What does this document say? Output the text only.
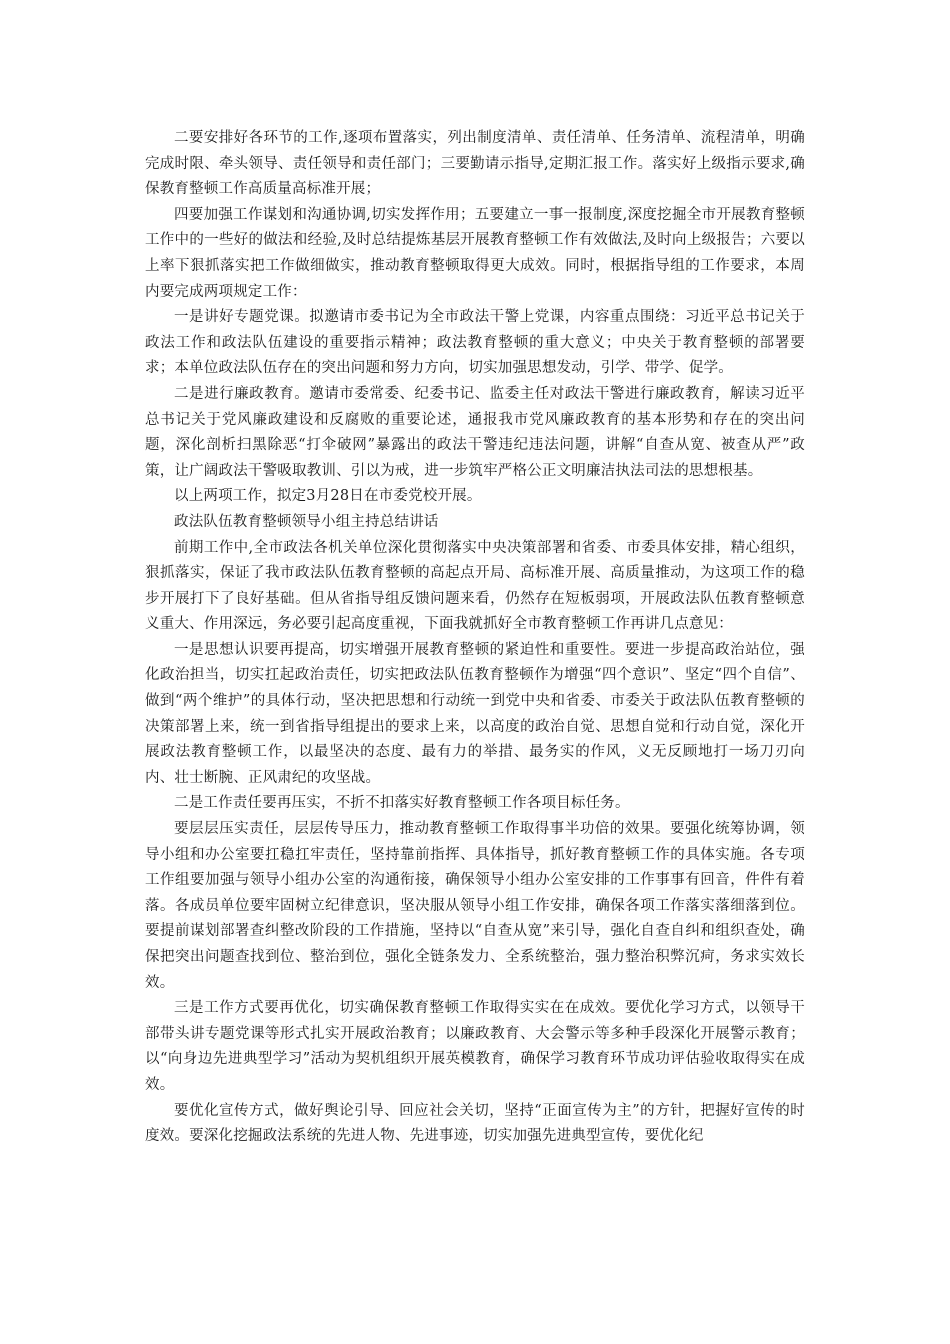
二要安排好各环节的工作,逐项布置落实，列出制度清单、责任清单、任务清单、流程清单，明确完成时限、牵头领导、责任领导和责任部门；三要勤请示指导,定期汇报工作。落实好上级指示要求,确保教育整顿工作高质量高标准开展；

四要加强工作谋划和沟通协调,切实发挥作用；五要建立一事一报制度,深度挖掘全市开展教育整顿工作中的一些好的做法和经验,及时总结提炼基层开展教育整顿工作有效做法,及时向上级报告；六要以上率下狠抓落实把工作做细做实，推动教育整顿取得更大成效。同时，根据指导组的工作要求，本周内要完成两项规定工作：

一是讲好专题党课。拟邀请市委书记为全市政法干警上党课，内容重点围绕：习近平总书记关于政法工作和政法队伍建设的重要指示精神；政法教育整顿的重大意义；中央关于教育整顿的部署要求；本单位政法队伍存在的突出问题和努力方向，切实加强思想发动，引学、带学、促学。

二是进行廉政教育。邀请市委常委、纪委书记、监委主任对政法干警进行廉政教育，解读习近平总书记关于党风廉政建设和反腐败的重要论述，通报我市党风廉政教育的基本形势和存在的突出问题，深化剖析扫黑除恶“打伞破网”暴露出的政法干警违纪违法问题，讲解“自查从宽、被查从严”政策，让广阔政法干警吸取教训、引以为戒，进一步筑牢严格公正文明廉洁执法司法的思想根基。

以上两项工作，拟定3月28日在市委党校开展。

政法队伍教育整顿领导小组主持总结讲话

前期工作中,全市政法各机关单位深化贯彻落实中央决策部署和省委、市委具体安排，精心组织，狠抓落实，保证了我市政法队伍教育整顿的高起点开局、高标准开展、高质量推动，为这项工作的稳步开展打下了良好基础。但从省指导组反馈问题来看，仍然存在短板弱项，开展政法队伍教育整顿意义重大、作用深远，务必要引起高度重视，下面我就抓好全市教育整顿工作再讲几点意见：

一是思想认识要再提高，切实增强开展教育整顿的紧迫性和重要性。要进一步提高政治站位，强化政治担当，切实扛起政治责任，切实把政法队伍教育整顿作为增强“四个意识”、坚定“四个自信”、做到“两个维护”的具体行动，坚决把思想和行动统一到党中央和省委、市委关于政法队伍教育整顿的决策部署上来，统一到省指导组提出的要求上来，以高度的政治自觉、思想自觉和行动自觉，深化开展政法教育整顿工作，以最坚决的态度、最有力的举措、最务实的作风，义无反顾地打一场刀刃向内、壮士断腕、正风肃纪的攻坚战。

二是工作责任要再压实，不折不扣落实好教育整顿工作各项目标任务。

要层层压实责任，层层传导压力，推动教育整顿工作取得事半功倍的效果。要强化统筹协调，领导小组和办公室要扛稳扛牢责任，坚持靠前指挥、具体指导，抓好教育整顿工作的具体实施。各专项工作组要加强与领导小组办公室的沟通衔接，确保领导小组办公室安排的工作事事有回音，件件有着落。各成员单位要牢固树立纪律意识，坚决服从领导小组工作安排，确保各项工作落实落细落到位。要提前谋划部署查纠整改阶段的工作措施，坚持以“自查从宽”来引导，强化自查自纠和组织查处，确保把突出问题查找到位、整治到位，强化全链条发力、全系统整治，强力整治积弊沉疴，务求实效长效。

三是工作方式要再优化，切实确保教育整顿工作取得实实在在成效。要优化学习方式，以领导干部带头讲专题党课等形式扎实开展政治教育；以廉政教育、大会警示等多种手段深化开展警示教育；以“向身边先进典型学习”活动为契机组织开展英模教育，确保学习教育环节成功评估验收取得实在成效。

要优化宣传方式，做好舆论引导、回应社会关切，坚持“正面宣传为主”的方针，把握好宣传的时度效。要深化挖掘政法系统的先进人物、先进事迹，切实加强先进典型宣传，要优化纪
